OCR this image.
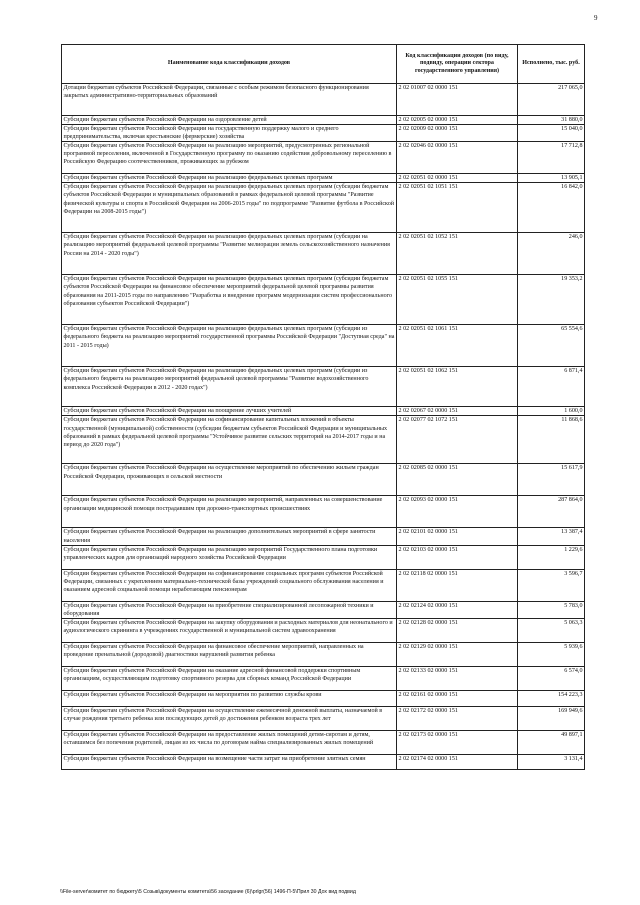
9
Наименование кода классификации доходов	Код классификации доходов (по виду, подвиду, операции сектора государственного управления)	Исполнено, тыс. руб.
Дотации бюджетам субъектов Российской Федерации, связанные с особым режимом безопасного функционирования закрытых административно-территориальных образований	2 02 01007 02 0000 151	217 065,0
Субсидии бюджетам субъектов Российской Федерации на оздоровление детей	2 02 02005 02 0000 151	31 880,0
Субсидии бюджетам субъектов Российской Федерации на государственную поддержку малого и среднего предпринимательства, включая крестьянские (фермерские) хозяйства	2 02 02009 02 0000 151	15 040,0
Субсидии бюджетам субъектов Российской Федерации на реализацию мероприятий, предусмотренных региональной программой переселения, включенной в Государственную программу по оказанию содействия добровольному переселению в Российскую Федерацию соотечественников, проживающих за рубежом	2 02 02046 02 0000 151	17 712,8
Субсидии бюджетам субъектов Российской Федерации на реализацию федеральных целевых программ	2 02 02051 02 0000 151	13 905,1
Субсидии бюджетам субъектов Российской Федерации на реализацию федеральных целевых программ (субсидии бюджетам субъектов Российской Федерации и муниципальных образований в рамках федеральной целевой программы "Развитие физической культуры и спорта в Российской Федерации на 2006-2015 годы" по подпрограмме "Развитие футбола в Российской Федерации на 2008-2015 годы")	2 02 02051 02 1051 151	16 842,0
Субсидии бюджетам субъектов Российской Федерации на реализацию федеральных целевых программ (субсидии на реализацию мероприятий федеральной целевой программы "Развитие мелиорации земель сельскохозяйственного назначения России на 2014 - 2020 годы")	2 02 02051 02 1052 151	246,0
Субсидии бюджетам субъектов Российской Федерации на реализацию федеральных целевых программ (субсидии бюджетам субъектов Российской Федерации на финансовое обеспечение мероприятий федеральной целевой программы развития образования на 2011-2015 годы по направлению "Разработка и внедрение программ модернизации систем профессионального образования субъектов Российской Федерации")	2 02 02051 02 1055 151	19 353,2
Субсидии бюджетам субъектов Российской Федерации на реализацию федеральных целевых программ (субсидии из федерального бюджета на реализацию мероприятий государственной программы Российской Федерации "Доступная среда" на 2011 - 2015 годы)	2 02 02051 02 1061 151	65 554,6
Субсидии бюджетам субъектов Российской Федерации на реализацию федеральных целевых программ (субсидии из федерального бюджета на реализацию мероприятий федеральной целевой программы "Развитие водохозяйственного комплекса Российской Федерации в 2012 - 2020 годах")	2 02 02051 02 1062 151	6 871,4
Субсидии бюджетам субъектов Российской Федерации на поощрение лучших учителей	2 02 02067 02 0000 151	1 600,0
Субсидии бюджетам субъектов Российской Федерации на софинансирование капитальных вложений в объекты государственной (муниципальной) собственности (субсидии бюджетам субъектов Российской Федерации и муниципальных образований в рамках федеральной целевой программы "Устойчивое развитие сельских территорий на 2014-2017 годы и на период до 2020 года")	2 02 02077 02 1072 151	11 868,6
Субсидии бюджетам субъектов Российской Федерации на осуществление мероприятий по обеспечению жильем граждан Российской Федерации, проживающих в сельской местности	2 02 02085 02 0000 151	15 617,9
Субсидии бюджетам субъектов Российской Федерации на реализацию мероприятий, направленных на совершенствование организации медицинской помощи пострадавшим при дорожно-транспортных происшествиях	2 02 02093 02 0000 151	287 864,0
Субсидии бюджетам субъектов Российской Федерации на реализацию дополнительных мероприятий в сфере занятости населения	2 02 02101 02 0000 151	13 387,4
Субсидии бюджетам субъектов Российской Федерации на реализацию мероприятий Государственного плана подготовки управленческих кадров для организаций народного хозяйства Российской Федерации	2 02 02103 02 0000 151	1 229,6
Субсидии бюджетам субъектов Российской Федерации на софинансирование социальных программ субъектов Российской Федерации, связанных с укреплением материально-технической базы учреждений социального обслуживания населения и оказанием адресной социальной помощи неработающим пенсионерам	2 02 02118 02 0000 151	3 596,7
Субсидии бюджетам субъектов Российской Федерации на приобретение специализированной лесопожарной техники и оборудования	2 02 02124 02 0000 151	5 783,0
Субсидии бюджетам субъектов Российской Федерации на закупку оборудования и расходных материалов для неонатального и аудиологического скрининга в учреждениях государственной и муниципальной систем здравоохранения	2 02 02128 02 0000 151	5 063,3
Субсидии бюджетам субъектов Российской Федерации на финансовое обеспечение мероприятий, направленных на проведение пренатальной (дородовой) диагностики нарушений развития ребенка	2 02 02129 02 0000 151	5 939,6
Субсидии бюджетам субъектов Российской Федерации на оказание адресной финансовой поддержки спортивным организациям, осуществляющим подготовку спортивного резерва для сборных команд Российской Федерации	2 02 02133 02 0000 151	6 574,0
Субсидии бюджетам субъектов Российской Федерации на мероприятия по развитию службы крови	2 02 02161 02 0000 151	154 223,3
Субсидии бюджетам субъектов Российской Федерации на осуществление ежемесячной денежной выплаты, назначаемой в случае рождения третьего ребенка или последующих детей до достижения ребенком возраста трех лет	2 02 02172 02 0000 151	169 949,6
Субсидии бюджетам субъектов Российской Федерации на предоставление жилых помещений детям-сиротам и детям, оставшимся без попечения родителей, лицам из их числа по договорам найма специализированных жилых помещений	2 02 02173 02 0000 151	49 897,1
Субсидии бюджетам субъектов Российской Федерации на возмещение части затрат на приобретение элитных семян	2 02 02174 02 0000 151	3 131,4
\\File-server\комитет по бюджету\5 Созыв\документы комитета\56 заседание (6)\prlgr(56) 1496-П-5\Прил 30 Дох вид подвид
